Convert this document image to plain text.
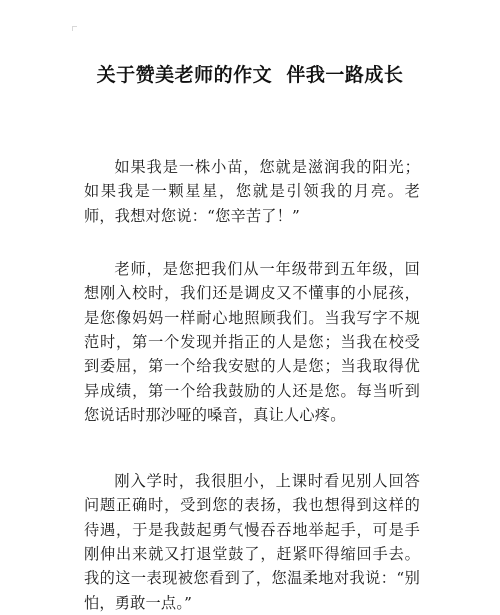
关于赞美老师的作文  伴我一路成长

如果我是一株小苗，您就是滋润我的阳光；如果我是一颗星星，您就是引领我的月亮。老师，我想对您说：“您辛苦了！”

老师，是您把我们从一年级带到五年级，回想刚入校时，我们还是调皮又不懂事的小屁孩，是您像妈妈一样耐心地照顾我们。当我写字不规范时，第一个发现并指正的人是您；当我在校受到委屈，第一个给我安慰的人是您；当我取得优异成绩，第一个给我鼓励的人还是您。每当听到您说话时那沙哑的嗓音，真让人心疼。

刚入学时，我很胆小，上课时看见别人回答问题正确时，受到您的表扬，我也想得到这样的待遇，于是我鼓起勇气慢吞吞地举起手，可是手刚伸出来就又打退堂鼓了，赶紧吓得缩回手去。我的这一表现被您看到了，您温柔地对我说：“别怕，勇敢一点。”
